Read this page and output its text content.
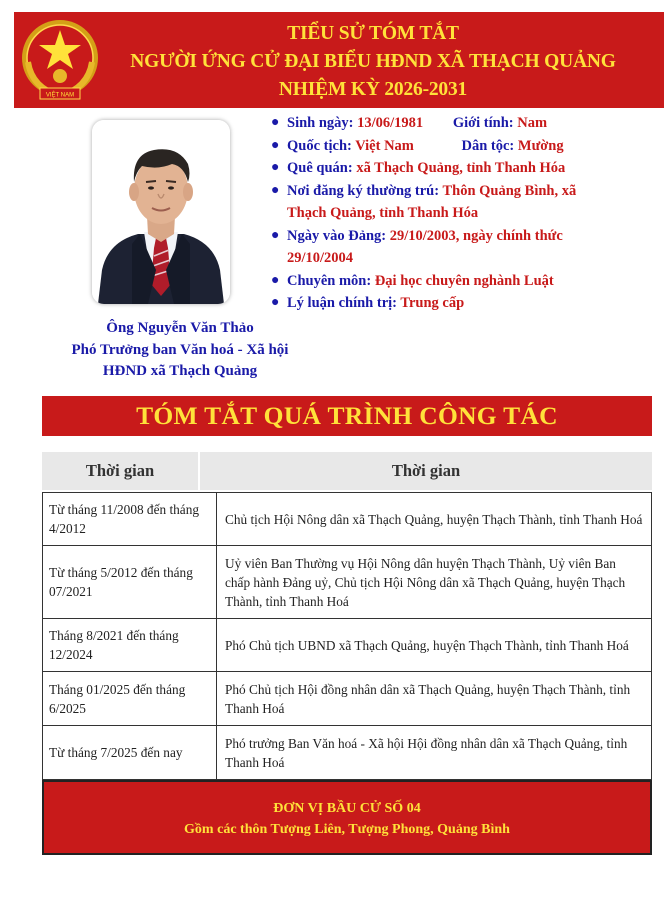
VIỆT NAM
TIỂU SỬ TÓM TẮT
NGƯỜI ỨNG CỬ ĐẠI BIỂU HĐND XÃ THẠCH QUẢNG
NHIỆM KỲ 2026-2031
Ông Nguyễn Văn Thảo
Phó Trưởng ban Văn hoá - Xã hội
HĐND xã Thạch Quảng
● Sinh ngày: 13/06/1981 Giới tính: Nam
● Quốc tịch: Việt Nam	Dân tộc: Mường
● Quê quán: xã Thạch Quảng, tỉnh Thanh Hóa
● Nơi đăng ký thường trú: Thôn Quảng Bình, xã
Thạch Quảng, tỉnh Thanh Hóa
● Ngày vào Đảng: 29/10/2003, ngày chính thức
29/10/2004
● Chuyên môn: Đại học chuyên nghành Luật
● Lý luận chính trị: Trung cấp
TÓM TẮT QUÁ TRÌNH CÔNG TÁC
Thời gian	Thời gian
Từ tháng 11/2008 đến tháng 4/2012
Chủ tịch Hội Nông dân xã Thạch Quảng, huyện Thạch Thành, tỉnh Thanh Hoá
Từ tháng 5/2012 đến tháng 07/2021
Uỷ viên Ban Thường vụ Hội Nông dân huyện Thạch Thành, Uỷ viên Ban chấp hành Đảng uỷ, Chủ tịch Hội Nông dân xã Thạch Quảng, huyện Thạch Thành, tỉnh Thanh Hoá
Tháng 8/2021 đến tháng 12/2024
Phó Chủ tịch UBND xã Thạch Quảng, huyện Thạch Thành, tỉnh Thanh Hoá
Tháng 01/2025 đến tháng 6/2025
Phó Chủ tịch Hội đồng nhân dân xã Thạch Quảng, huyện Thạch Thành, tỉnh Thanh Hoá
Từ tháng 7/2025 đến nay
Phó trưởng Ban Văn hoá - Xã hội Hội đồng nhân dân xã Thạch Quảng, tỉnh Thanh Hoá
ĐƠN VỊ BẦU CỬ SỐ 04
Gồm các thôn Tượng Liên, Tượng Phong, Quảng Bình
